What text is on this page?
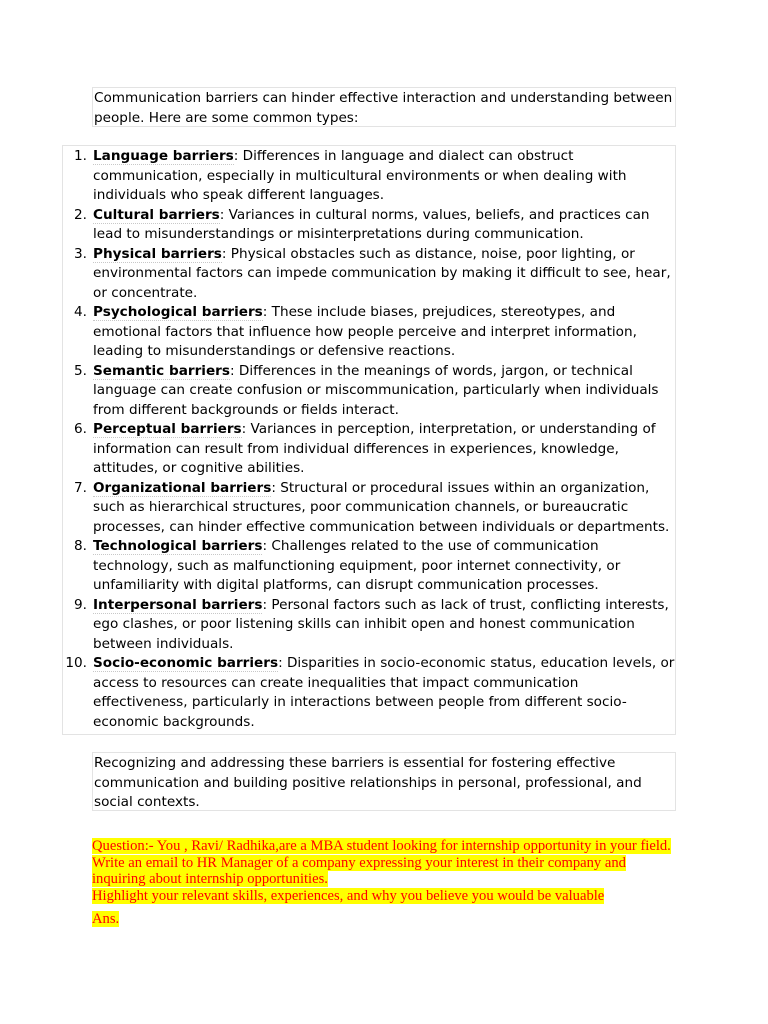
Communication barriers can hinder effective interaction and understanding between people. Here are some common types:

1. Language barriers: Differences in language and dialect can obstruct communication, especially in multicultural environments or when dealing with individuals who speak different languages.
2. Cultural barriers: Variances in cultural norms, values, beliefs, and practices can lead to misunderstandings or misinterpretations during communication.
3. Physical barriers: Physical obstacles such as distance, noise, poor lighting, or environmental factors can impede communication by making it difficult to see, hear, or concentrate.
4. Psychological barriers: These include biases, prejudices, stereotypes, and emotional factors that influence how people perceive and interpret information, leading to misunderstandings or defensive reactions.
5. Semantic barriers: Differences in the meanings of words, jargon, or technical language can create confusion or miscommunication, particularly when individuals from different backgrounds or fields interact.
6. Perceptual barriers: Variances in perception, interpretation, or understanding of information can result from individual differences in experiences, knowledge, attitudes, or cognitive abilities.
7. Organizational barriers: Structural or procedural issues within an organization, such as hierarchical structures, poor communication channels, or bureaucratic processes, can hinder effective communication between individuals or departments.
8. Technological barriers: Challenges related to the use of communication technology, such as malfunctioning equipment, poor internet connectivity, or unfamiliarity with digital platforms, can disrupt communication processes.
9. Interpersonal barriers: Personal factors such as lack of trust, conflicting interests, ego clashes, or poor listening skills can inhibit open and honest communication between individuals.
10. Socio-economic barriers: Disparities in socio-economic status, education levels, or access to resources can create inequalities that impact communication effectiveness, particularly in interactions between people from different socio-economic backgrounds.

Recognizing and addressing these barriers is essential for fostering effective communication and building positive relationships in personal, professional, and social contexts.

Question:- You , Ravi/ Radhika,are a MBA student looking for internship opportunity in your field. Write an email to HR Manager of a company expressing your interest in their company and inquiring about internship opportunities.
Highlight your relevant skills, experiences, and why you believe you would be valuable

Ans.
